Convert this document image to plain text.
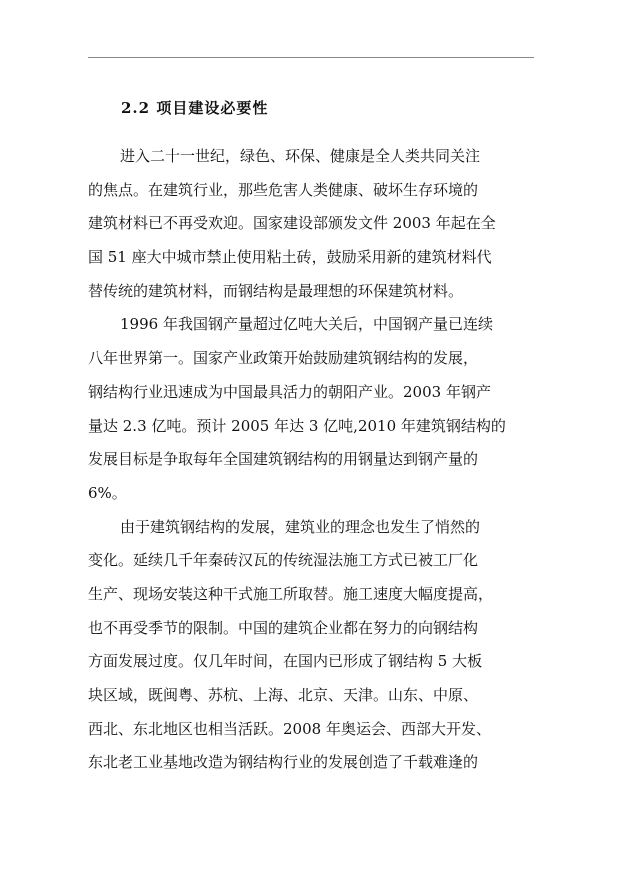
2.2 项目建设必要性
进入二十一世纪，绿色、环保、健康是全人类共同关注
的焦点。在建筑行业，那些危害人类健康、破坏生存环境的
建筑材料已不再受欢迎。国家建设部颁发文件 2003 年起在全
国 51 座大中城市禁止使用粘土砖，鼓励采用新的建筑材料代
替传统的建筑材料，而钢结构是最理想的环保建筑材料。
1996 年我国钢产量超过亿吨大关后，中国钢产量已连续
八年世界第一。国家产业政策开始鼓励建筑钢结构的发展，
钢结构行业迅速成为中国最具活力的朝阳产业。2003 年钢产
量达 2.3 亿吨。预计 2005 年达 3 亿吨,2010 年建筑钢结构的
发展目标是争取每年全国建筑钢结构的用钢量达到钢产量的
6%。
由于建筑钢结构的发展，建筑业的理念也发生了悄然的
变化。延续几千年秦砖汉瓦的传统湿法施工方式已被工厂化
生产、现场安装这种干式施工所取替。施工速度大幅度提高，
也不再受季节的限制。中国的建筑企业都在努力的向钢结构
方面发展过度。仅几年时间，在国内已形成了钢结构 5 大板
块区域，既闽粤、苏杭、上海、北京、天津。山东、中原、
西北、东北地区也相当活跃。2008 年奥运会、西部大开发、
东北老工业基地改造为钢结构行业的发展创造了千载难逢的
